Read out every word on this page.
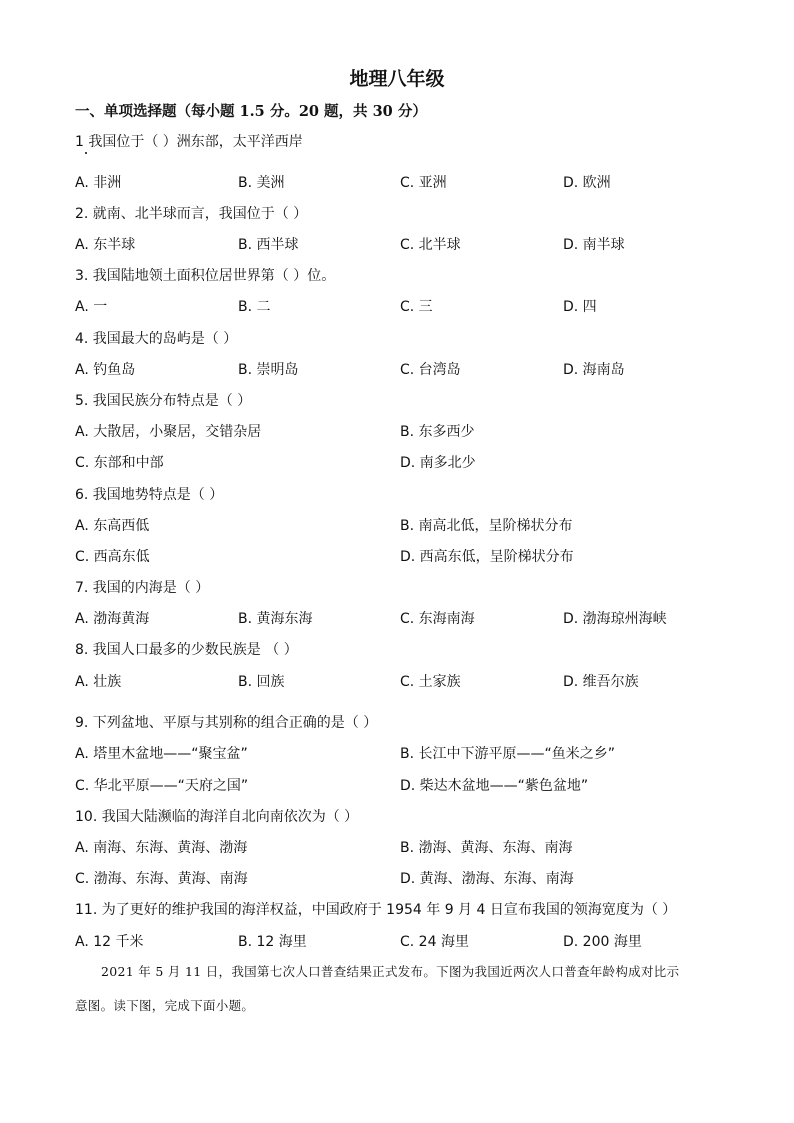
地理八年级
一、单项选择题（每小题 1.5 分。20 题，共 30 分）
1 我国位于（ ）洲东部，太平洋西岸
A. 非洲	B. 美洲	C. 亚洲	D. 欧洲
2. 就南、北半球而言，我国位于（ ）
A. 东半球	B. 西半球	C. 北半球	D. 南半球
3. 我国陆地领土面积位居世界第（ ）位。
A. 一	B. 二	C. 三	D. 四
4. 我国最大的岛屿是（ ）
A. 钓鱼岛	B. 崇明岛	C. 台湾岛	D. 海南岛
5. 我国民族分布特点是（ ）
A. 大散居，小聚居，交错杂居	B. 东多西少
C. 东部和中部	D. 南多北少
6. 我国地势特点是（ ）
A. 东高西低	B. 南高北低，呈阶梯状分布
C. 西高东低	D. 西高东低，呈阶梯状分布
7. 我国的内海是（ ）
A. 渤海黄海	B. 黄海东海	C. 东海南海	D. 渤海琼州海峡
8. 我国人口最多的少数民族是 （ ）
A. 壮族	B. 回族	C. 土家族	D. 维吾尔族
9. 下列盆地、平原与其别称的组合正确的是（ ）
A. 塔里木盆地——“聚宝盆”	B. 长江中下游平原——“鱼米之乡”
C. 华北平原——“天府之国”	D. 柴达木盆地——“紫色盆地”
10. 我国大陆濒临的海洋自北向南依次为（ ）
A. 南海、东海、黄海、渤海	B. 渤海、黄海、东海、南海
C. 渤海、东海、黄海、南海	D. 黄海、渤海、东海、南海
11. 为了更好的维护我国的海洋权益，中国政府于 1954 年 9 月 4 日宣布我国的领海宽度为（ ）
A. 12 千米	B. 12 海里	C. 24 海里	D. 200 海里
2021 年 5 月 11 日，我国第七次人口普查结果正式发布。下图为我国近两次人口普查年龄构成对比示
意图。读下图，完成下面小题。
